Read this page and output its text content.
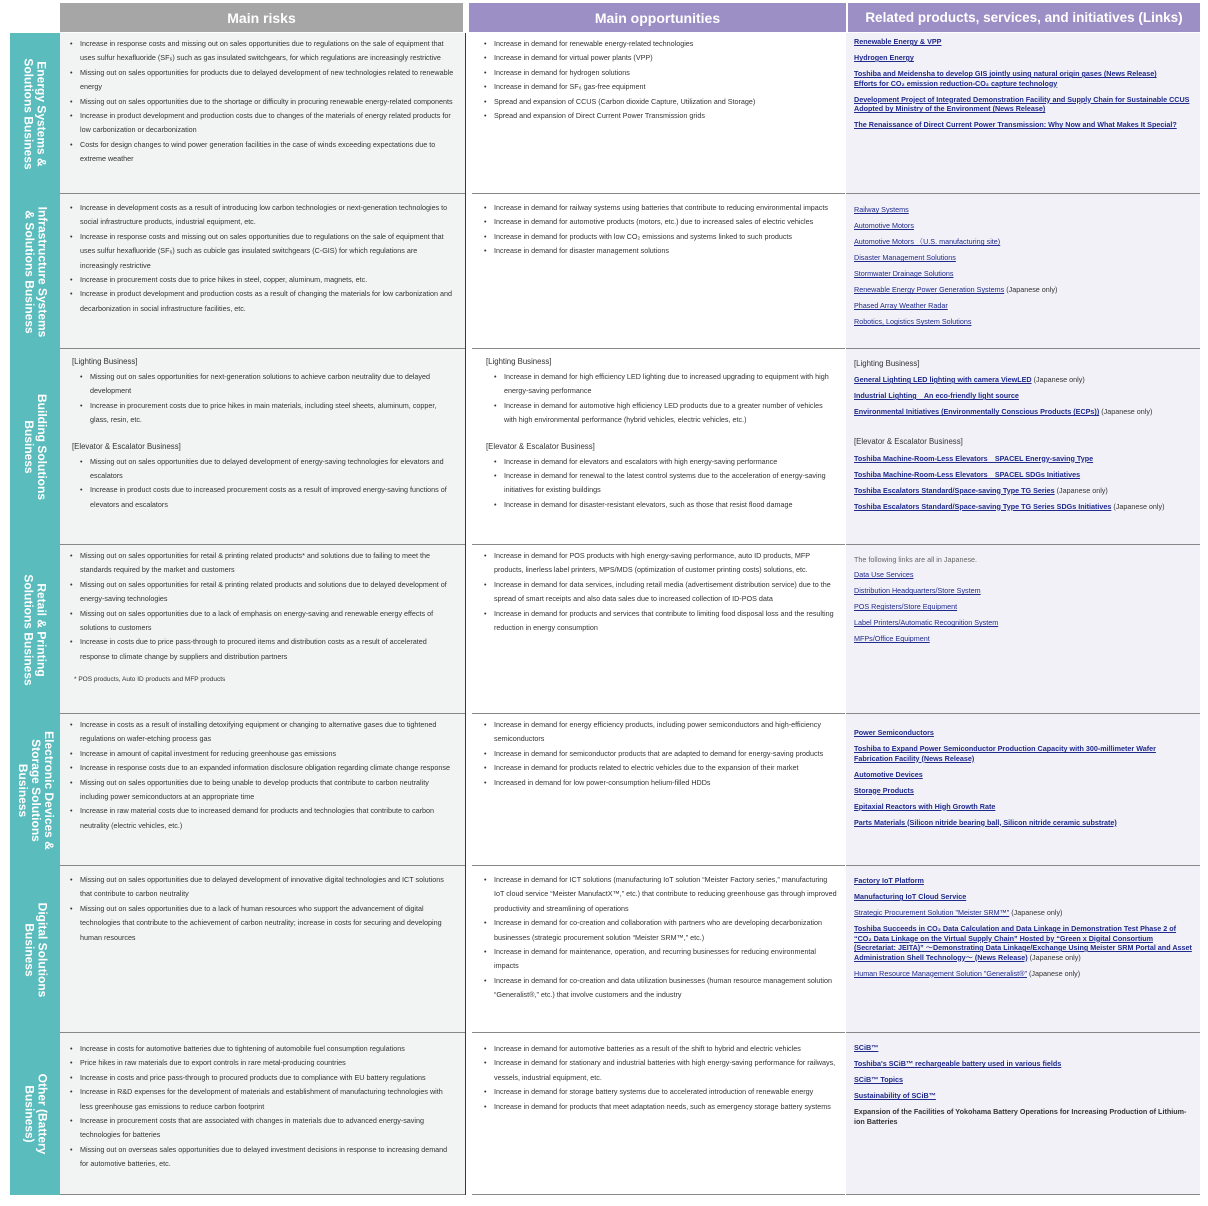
Main risks	Main opportunities	Related products, services, and initiatives (Links)
Energy Systems &
Solutions Business
• Increase in response costs and missing out on sales opportunities due to regulations on the sale of equipment that uses sulfur hexafluoride (SF₆) such as gas insulated switchgears, for which regulations are increasingly restrictive
• Missing out on sales opportunities for products due to delayed development of new technologies related to renewable energy
• Missing out on sales opportunities due to the shortage or difficulty in procuring renewable energy-related components
• Increase in product development and production costs due to changes of the materials of energy related products for low carbonization or decarbonization
• Costs for design changes to wind power generation facilities in the case of winds exceeding expectations due to extreme weather
• Increase in demand for renewable energy-related technologies
• Increase in demand for virtual power plants (VPP)
• Increase in demand for hydrogen solutions
• Increase in demand for SF₆ gas-free equipment
• Spread and expansion of CCUS (Carbon dioxide Capture, Utilization and Storage)
• Spread and expansion of Direct Current Power Transmission grids
Renewable Energy & VPP
Hydrogen Energy
Toshiba and Meidensha to develop GIS jointly using natural origin gases (News Release)
Efforts for CO₂ emission reduction-CO₂ capture technology
Development Project of Integrated Demonstration Facility and Supply Chain for Sustainable CCUS Adopted by Ministry of the Environment (News Release)
The Renaissance of Direct Current Power Transmission: Why Now and What Makes It Special?
Infrastructure Systems
& Solutions Business
• Increase in development costs as a result of introducing low carbon technologies or next-generation technologies to social infrastructure products, industrial equipment, etc.
• Increase in response costs and missing out on sales opportunities due to regulations on the sale of equipment that uses sulfur hexafluoride (SF₆) such as cubicle gas insulated switchgears (C-GIS) for which regulations are increasingly restrictive
• Increase in procurement costs due to price hikes in steel, copper, aluminum, magnets, etc.
• Increase in product development and production costs as a result of changing the materials for low carbonization and decarbonization in social infrastructure facilities, etc.
• Increase in demand for railway systems using batteries that contribute to reducing environmental impacts
• Increase in demand for automotive products (motors, etc.) due to increased sales of electric vehicles
• Increase in demand for products with low CO₂ emissions and systems linked to such products
• Increase in demand for disaster management solutions
Railway Systems
Automotive Motors
Automotive Motors （U.S. manufacturing site)
Disaster Management Solutions
Stormwater Drainage Solutions
Renewable Energy Power Generation Systems (Japanese only)
Phased Array Weather Radar
Robotics, Logistics System Solutions
Building Solutions
Business
[Lighting Business]
• Missing out on sales opportunities for next-generation solutions to achieve carbon neutrality due to delayed development
• Increase in procurement costs due to price hikes in main materials, including steel sheets, aluminum, copper, glass, resin, etc.
[Elevator & Escalator Business]
• Missing out on sales opportunities due to delayed development of energy-saving technologies for elevators and escalators
• Increase in product costs due to increased procurement costs as a result of improved energy-saving functions of elevators and escalators
[Lighting Business]
• Increase in demand for high efficiency LED lighting due to increased upgrading to equipment with high energy-saving performance
• Increase in demand for automotive high efficiency LED products due to a greater number of vehicles with high environmental performance (hybrid vehicles, electric vehicles, etc.)
[Elevator & Escalator Business]
• Increase in demand for elevators and escalators with high energy-saving performance
• Increase in demand for renewal to the latest control systems due to the acceleration of energy-saving initiatives for existing buildings
• Increase in demand for disaster-resistant elevators, such as those that resist flood damage
[Lighting Business]
General Lighting LED lighting with camera ViewLED (Japanese only)
Industrial Lighting　An eco-friendly light source
Environmental Initiatives (Environmentally Conscious Products (ECPs)) (Japanese only)
[Elevator & Escalator Business]
Toshiba Machine-Room-Less Elevators　SPACEL Energy-saving Type
Toshiba Machine-Room-Less Elevators　SPACEL SDGs Initiatives
Toshiba Escalators Standard/Space-saving Type TG Series (Japanese only)
Toshiba Escalators Standard/Space-saving Type TG Series SDGs Initiatives (Japanese only)
Retail & Printing
Solutions Business
• Missing out on sales opportunities for retail & printing related products* and solutions due to failing to meet the standards required by the market and customers
• Missing out on sales opportunities for retail & printing related products and solutions due to delayed development of energy-saving technologies
• Missing out on sales opportunities due to a lack of emphasis on energy-saving and renewable energy effects of solutions to customers
• Increase in costs due to price pass-through to procured items and distribution costs as a result of accelerated response to climate change by suppliers and distribution partners
* POS products, Auto ID products and MFP products
• Increase in demand for POS products with high energy-saving performance, auto ID products, MFP products, linerless label printers, MPS/MDS (optimization of customer printing costs) solutions, etc.
• Increase in demand for data services, including retail media (advertisement distribution service) due to the spread of smart receipts and also data sales due to increased collection of ID-POS data
• Increase in demand for products and services that contribute to limiting food disposal loss and the resulting reduction in energy consumption
The following links are all in Japanese.
Data Use Services
Distribution Headquarters/Store System
POS Registers/Store Equipment
Label Printers/Automatic Recognition System
MFPs/Office Equipment
Electronic Devices &
Storage Solutions
Business
• Increase in costs as a result of installing detoxifying equipment or changing to alternative gases due to tightened regulations on wafer-etching process gas
• Increase in amount of capital investment for reducing greenhouse gas emissions
• Increase in response costs due to an expanded information disclosure obligation regarding climate change response
• Missing out on sales opportunities due to being unable to develop products that contribute to carbon neutrality including power semiconductors at an appropriate time
• Increase in raw material costs due to increased demand for products and technologies that contribute to carbon neutrality (electric vehicles, etc.)
• Increase in demand for energy efficiency products, including power semiconductors and high-efficiency semiconductors
• Increase in demand for semiconductor products that are adapted to demand for energy-saving products
• Increase in demand for products related to electric vehicles due to the expansion of their market
• Increased in demand for low power-consumption helium-filled HDDs
Power Semiconductors
Toshiba to Expand Power Semiconductor Production Capacity with 300-millimeter Wafer Fabrication Facility (News Release)
Automotive Devices
Storage Products
Epitaxial Reactors with High Growth Rate
Parts Materials (Silicon nitride bearing ball, Silicon nitride ceramic substrate)
Digital Solutions
Business
• Missing out on sales opportunities due to delayed development of innovative digital technologies and ICT solutions that contribute to carbon neutrality
• Missing out on sales opportunities due to a lack of human resources who support the advancement of digital technologies that contribute to the achievement of carbon neutrality; increase in costs for securing and developing human resources
• Increase in demand for ICT solutions (manufacturing IoT solution “Meister Factory series,” manufacturing IoT cloud service “Meister ManufactX™,” etc.) that contribute to reducing greenhouse gas through improved productivity and streamlining of operations
• Increase in demand for co-creation and collaboration with partners who are developing decarbonization businesses (strategic procurement solution “Meister SRM™,” etc.)
• Increase in demand for maintenance, operation, and recurring businesses for reducing environmental impacts
• Increase in demand for co-creation and data utilization businesses (human resource management solution “Generalist®,” etc.) that involve customers and the industry
Factory IoT Platform
Manufacturing IoT Cloud Service
Strategic Procurement Solution "Meister SRM™" (Japanese only)
Toshiba Succeeds in CO₂ Data Calculation and Data Linkage in Demonstration Test Phase 2 of “CO₂ Data Linkage on the Virtual Supply Chain” Hosted by “Green x Digital Consortium (Secretariat: JEITA)” ～Demonstrating Data Linkage/Exchange Using Meister SRM Portal and Asset Administration Shell Technology～ (News Release) (Japanese only)
Human Resource Management Solution "Generalist®" (Japanese only)
Other (Battery
Business)
• Increase in costs for automotive batteries due to tightening of automobile fuel consumption regulations
• Price hikes in raw materials due to export controls in rare metal-producing countries
• Increase in costs and price pass-through to procured products due to compliance with EU battery regulations
• Increase in R&D expenses for the development of materials and establishment of manufacturing technologies with less greenhouse gas emissions to reduce carbon footprint
• Increase in procurement costs that are associated with changes in materials due to advanced energy-saving technologies for batteries
• Missing out on overseas sales opportunities due to delayed investment decisions in response to increasing demand for automotive batteries, etc.
• Increase in demand for automotive batteries as a result of the shift to hybrid and electric vehicles
• Increase in demand for stationary and industrial batteries with high energy-saving performance for railways, vessels, industrial equipment, etc.
• Increase in demand for storage battery systems due to accelerated introduction of renewable energy
• Increase in demand for products that meet adaptation needs, such as emergency storage battery systems
SCiB™
Toshiba's SCiB™ rechargeable battery used in various fields
SCiB™ Topics
Sustainability of SCiB™
Expansion of the Facilities of Yokohama Battery Operations for Increasing Production of Lithium-ion Batteries
